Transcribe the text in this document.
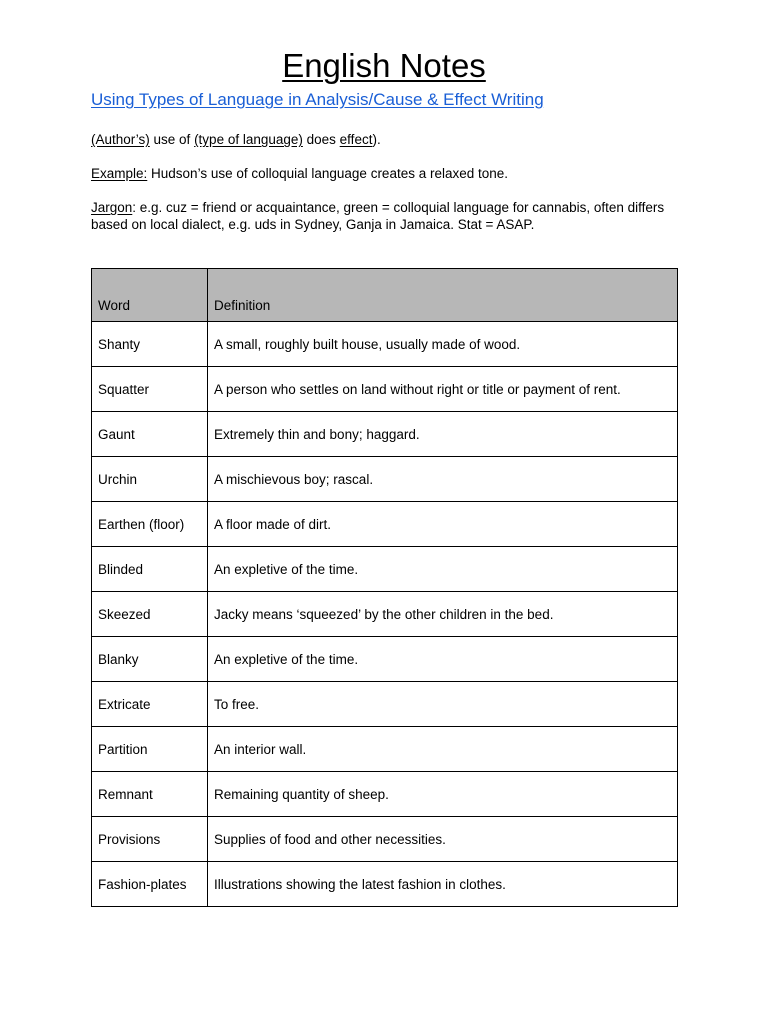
English Notes
Using Types of Language in Analysis/Cause & Effect Writing
(Author’s) use of (type of language) does effect).
Example: Hudson’s use of colloquial language creates a relaxed tone.
Jargon: e.g. cuz = friend or acquaintance, green = colloquial language for cannabis, often differs based on local dialect, e.g. uds in Sydney, Ganja in Jamaica. Stat = ASAP.
Word	Definition
Shanty	A small, roughly built house, usually made of wood.
Squatter	A person who settles on land without right or title or payment of rent.
Gaunt	Extremely thin and bony; haggard.
Urchin	A mischievous boy; rascal.
Earthen (floor)	A floor made of dirt.
Blinded	An expletive of the time.
Skeezed	Jacky means ‘squeezed’ by the other children in the bed.
Blanky	An expletive of the time.
Extricate	To free.
Partition	An interior wall.
Remnant	Remaining quantity of sheep.
Provisions	Supplies of food and other necessities.
Fashion-plates	Illustrations showing the latest fashion in clothes.
